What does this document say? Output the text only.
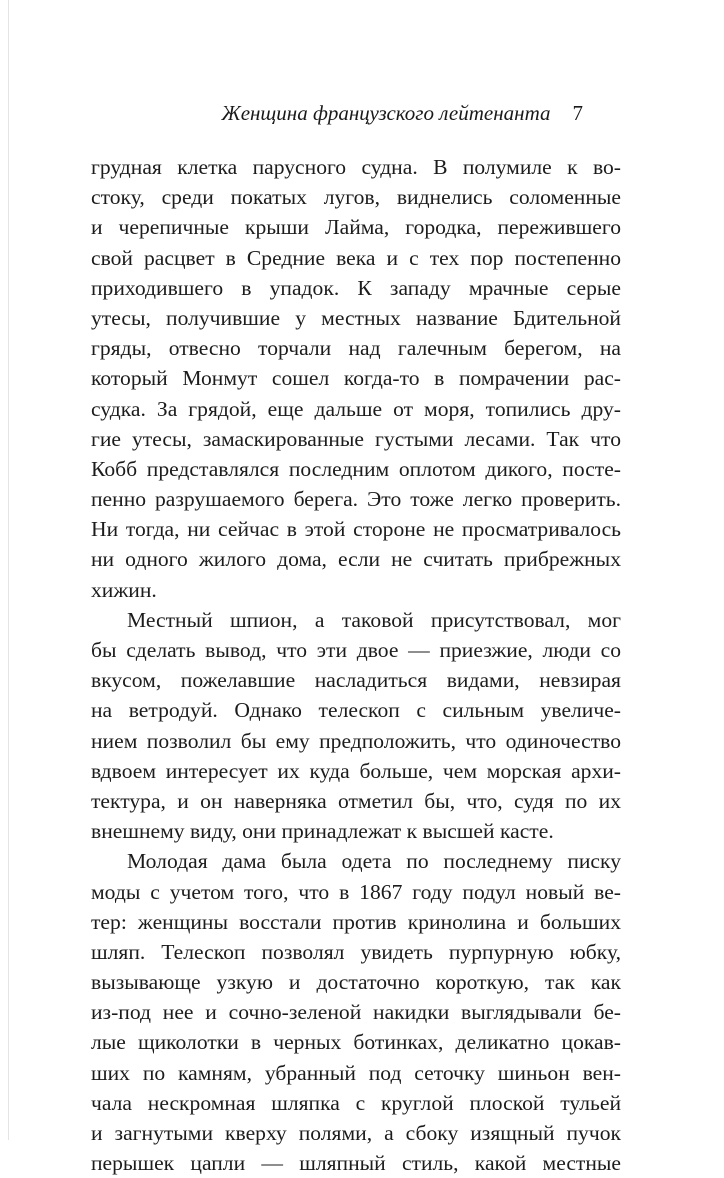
Женщина французского лейтенанта 7
грудная клетка парусного судна. В полумиле к во-
стоку, среди покатых лугов, виднелись соломенные
и черепичные крыши Лайма, городка, пережившего
свой расцвет в Средние века и с тех пор постепенно
приходившего в упадок. К западу мрачные серые
утесы, получившие у местных название Бдительной
гряды, отвесно торчали над галечным берегом, на
который Монмут сошел когда-то в помрачении рас-
судка. За грядой, еще дальше от моря, топились дру-
гие утесы, замаскированные густыми лесами. Так что
Кобб представлялся последним оплотом дикого, посте-
пенно разрушаемого берега. Это тоже легко проверить.
Ни тогда, ни сейчас в этой стороне не просматривалось
ни одного жилого дома, если не считать прибрежных
хижин.
Местный шпион, а таковой присутствовал, мог
бы сделать вывод, что эти двое — приезжие, люди со
вкусом, пожелавшие насладиться видами, невзирая
на ветродуй. Однако телескоп с сильным увеличе-
нием позволил бы ему предположить, что одиночество
вдвоем интересует их куда больше, чем морская архи-
тектура, и он наверняка отметил бы, что, судя по их
внешнему виду, они принадлежат к высшей касте.
Молодая дама была одета по последнему писку
моды с учетом того, что в 1867 году подул новый ве-
тер: женщины восстали против кринолина и больших
шляп. Телескоп позволял увидеть пурпурную юбку,
вызывающе узкую и достаточно короткую, так как
из-под нее и сочно-зеленой накидки выглядывали бе-
лые щиколотки в черных ботинках, деликатно цокав-
ших по камням, убранный под сеточку шиньон вен-
чала нескромная шляпка с круглой плоской тульей
и загнутыми кверху полями, а сбоку изящный пучок
перышек цапли — шляпный стиль, какой местные
